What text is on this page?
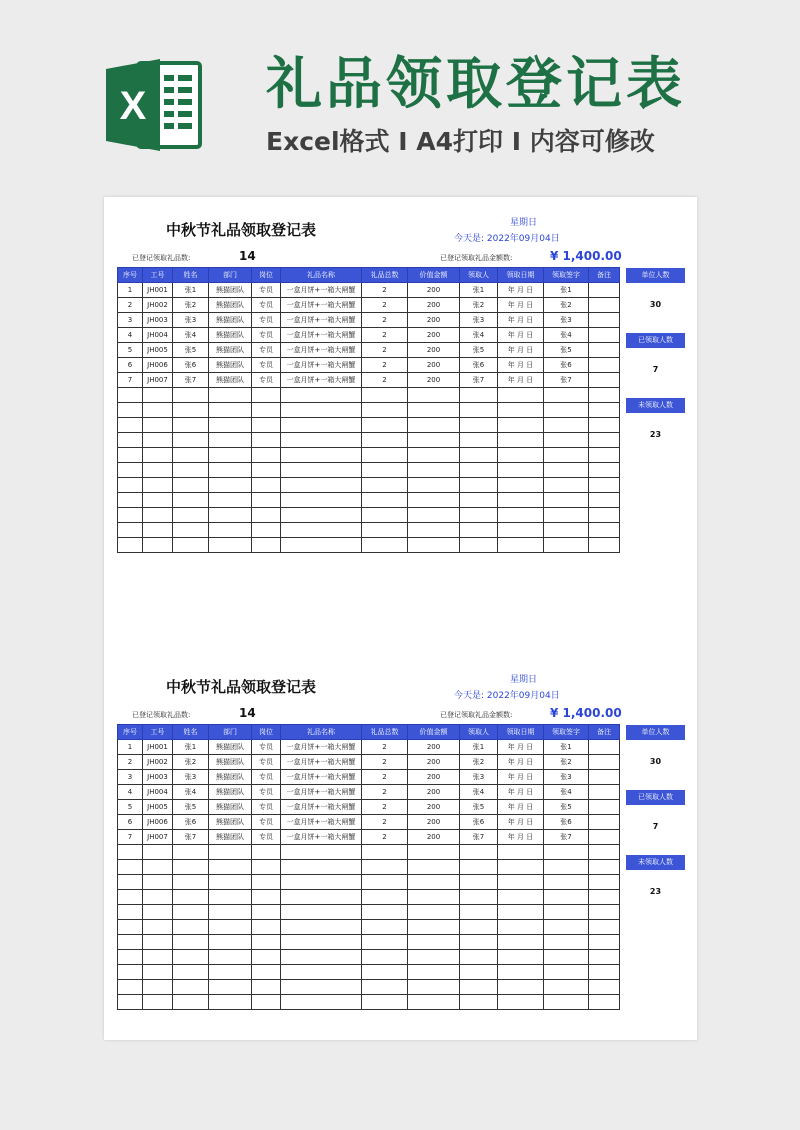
X 礼品领取登记表
Excel格式 I A4打印 I 内容可修改
中秋节礼品领取登记表	星期日
今天是: 2022年09月04日
已登记领取礼品数:	14	已登记领取礼品金额数:	¥ 1,400.00
序号	工号	姓名	部门	岗位	礼品名称	礼品总数	价值金额	领取人	领取日期	领取签字	备注
1	JH001	张1	熊猫团队	专员	一盒月饼+一箱大闸蟹	2	200	张1	年 月 日	张1	
2	JH002	张2	熊猫团队	专员	一盒月饼+一箱大闸蟹	2	200	张2	年 月 日	张2	
3	JH003	张3	熊猫团队	专员	一盒月饼+一箱大闸蟹	2	200	张3	年 月 日	张3	
4	JH004	张4	熊猫团队	专员	一盒月饼+一箱大闸蟹	2	200	张4	年 月 日	张4	
5	JH005	张5	熊猫团队	专员	一盒月饼+一箱大闸蟹	2	200	张5	年 月 日	张5	
6	JH006	张6	熊猫团队	专员	一盒月饼+一箱大闸蟹	2	200	张6	年 月 日	张6	
7	JH007	张7	熊猫团队	专员	一盒月饼+一箱大闸蟹	2	200	张7	年 月 日	张7	

单位人数
30
已领取人数
7
未领取人数
23
中秋节礼品领取登记表	星期日
今天是: 2022年09月04日
已登记领取礼品数:	14	已登记领取礼品金额数:	¥ 1,400.00
序号	工号	姓名	部门	岗位	礼品名称	礼品总数	价值金额	领取人	领取日期	领取签字	备注
1	JH001	张1	熊猫团队	专员	一盒月饼+一箱大闸蟹	2	200	张1	年 月 日	张1	
2	JH002	张2	熊猫团队	专员	一盒月饼+一箱大闸蟹	2	200	张2	年 月 日	张2	
3	JH003	张3	熊猫团队	专员	一盒月饼+一箱大闸蟹	2	200	张3	年 月 日	张3	
4	JH004	张4	熊猫团队	专员	一盒月饼+一箱大闸蟹	2	200	张4	年 月 日	张4	
5	JH005	张5	熊猫团队	专员	一盒月饼+一箱大闸蟹	2	200	张5	年 月 日	张5	
6	JH006	张6	熊猫团队	专员	一盒月饼+一箱大闸蟹	2	200	张6	年 月 日	张6	
7	JH007	张7	熊猫团队	专员	一盒月饼+一箱大闸蟹	2	200	张7	年 月 日	张7	

单位人数
30
已领取人数
7
未领取人数
23
